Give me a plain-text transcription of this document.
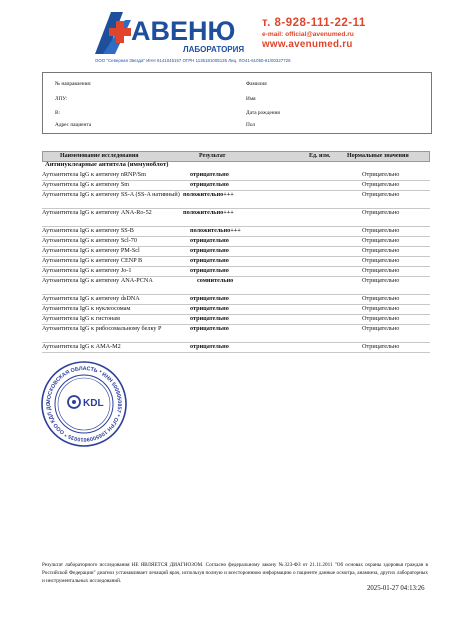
АВЕНЮ
ЛАБОРАТОРИЯ
т. 8-928-111-22-11
e-mail: official@avenumed.ru
www.avenumed.ru
ООО "Северная Звезда" ИНН 6141045157 ОГРН 1136181005135 Лиц. ЛО41-61050-61/00327726
№ направления:
ЛПУ:
В:
Адрес пациента
Фамилия
Имя
Дата рождения
Пол
Наименование исследования	Результат	Ед. изм.	Нормальные значения
Антинуклеарные антитела (иммуноблот)
Аутоантитела IgG к антигену nRNP/Sm	отрицательно	Отрицательно
Аутоантитела IgG к антигену Sm	отрицательно	Отрицательно
Аутоантитела IgG к антигену SS-A (SS-A нативный) положительно+++	Отрицательно
Аутоантитела IgG к антигену ANA-Ro-52	положительно+++	Отрицательно
Аутоантитела IgG к антигену SS-B	положительно+++	Отрицательно
Аутоантитела IgG к антигену Scl-70	отрицательно	Отрицательно
Аутоантитела IgG к антигену PM-Scl	отрицательно	Отрицательно
Аутоантитела IgG к антигену CENP B	отрицательно	Отрицательно
Аутоантитела IgG к антигену Jo-1	отрицательно	Отрицательно
Аутоантитела IgG к антигену ANA-PCNA	сомнительно	Отрицательно
Аутоантитела IgG к антигену dsDNA	отрицательно	Отрицательно
Аутоантитела IgG к нуклеосомам	отрицательно	Отрицательно
Аутоантитела IgG к гистонам	отрицательно	Отрицательно
Аутоантитела IgG к рибосомальному белку P	отрицательно	Отрицательно
Аутоантитела IgG к AMA-M2	отрицательно	Отрицательно
МОСКОВСКАЯ ОБЛАСТЬ * ИНН 5009050857 * ОГРН 1065009010035 * ООО КДЛ ДО	KDL
Результат лабораторного исследования НЕ ЯВЛЯЕТСЯ ДИАГНОЗОМ. Согласно федеральному закону №323-ФЗ от 21.11.2011 "Об основах охраны здоровья граждан в Российской Федерации" диагноз устанавливает лечащий врач, используя полную и всестороннюю информацию о пациенте данные осмотра, анамнеза, других лабораторных и инструментальных исследований.
2025-01-27 04:13:26
